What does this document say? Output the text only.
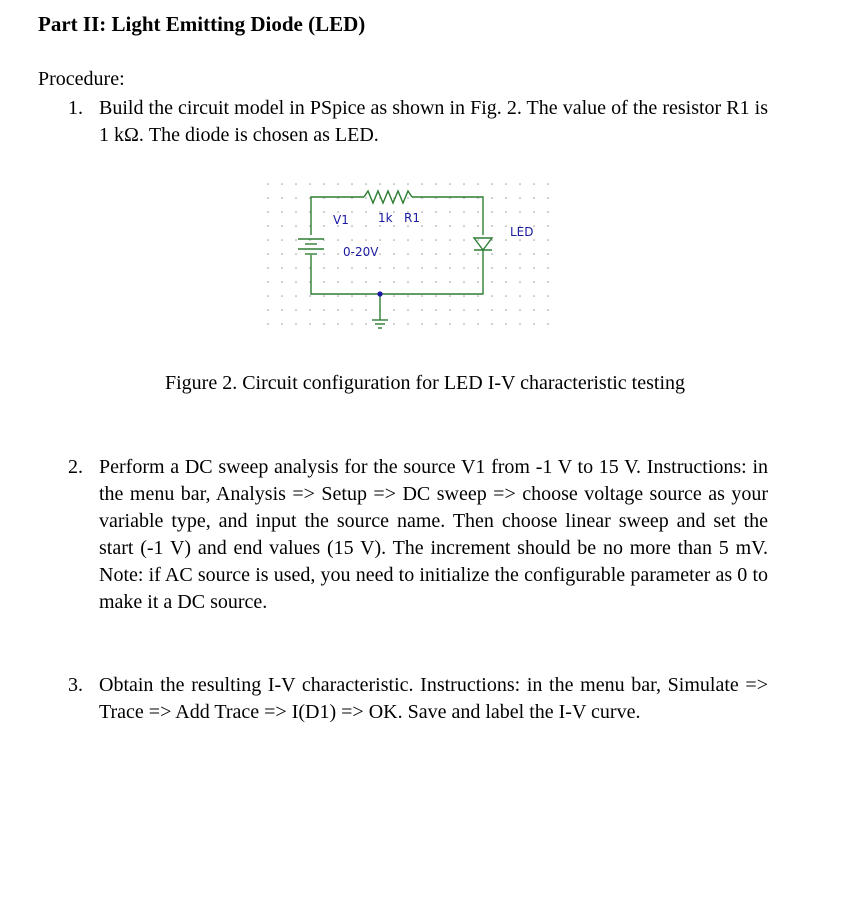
Part II: Light Emitting Diode (LED)
Procedure:
1. Build the circuit model in PSpice as shown in Fig. 2. The value of the resistor R1 is 1 kΩ. The diode is chosen as LED.
V1 1k R1
0-20V
LED
Figure 2. Circuit configuration for LED I-V characteristic testing
2. Perform a DC sweep analysis for the source V1 from -1 V to 15 V. Instructions: in the menu bar, Analysis => Setup => DC sweep => choose voltage source as your variable type, and input the source name. Then choose linear sweep and set the start (-1 V) and end values (15 V). The increment should be no more than 5 mV. Note: if AC source is used, you need to initialize the configurable parameter as 0 to make it a DC source.
3. Obtain the resulting I-V characteristic. Instructions: in the menu bar, Simulate => Trace => Add Trace => I(D1) => OK. Save and label the I-V curve.
